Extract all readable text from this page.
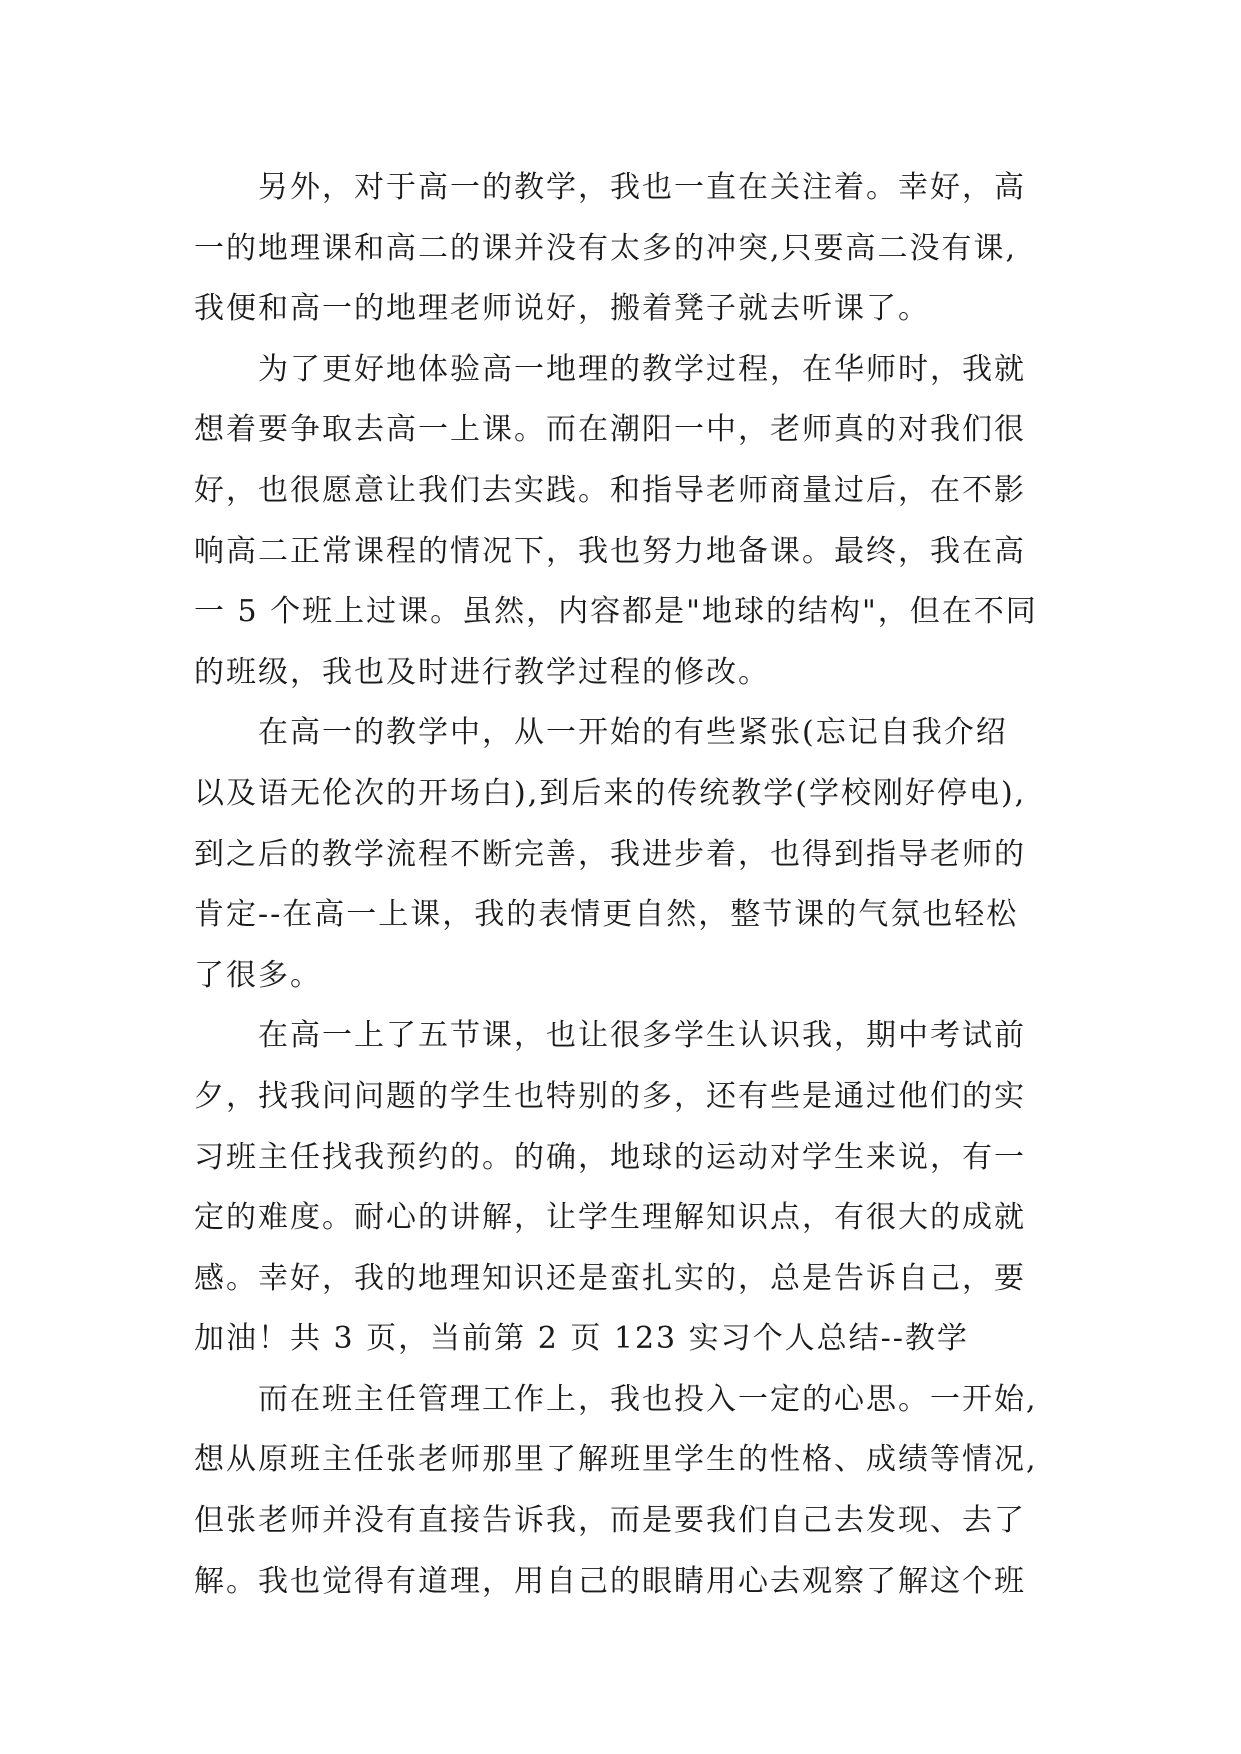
另外，对于高一的教学，我也一直在关注着。幸好，高
一的地理课和高二的课并没有太多的冲突,只要高二没有课,
我便和高一的地理老师说好，搬着凳子就去听课了。
为了更好地体验高一地理的教学过程，在华师时，我就
想着要争取去高一上课。而在潮阳一中，老师真的对我们很
好，也很愿意让我们去实践。和指导老师商量过后，在不影
响高二正常课程的情况下，我也努力地备课。最终，我在高
一 5 个班上过课。虽然，内容都是"地球的结构"，但在不同
的班级，我也及时进行教学过程的修改。
在高一的教学中，从一开始的有些紧张(忘记自我介绍
以及语无伦次的开场白),到后来的传统教学(学校刚好停电),
到之后的教学流程不断完善，我进步着，也得到指导老师的
肯定--在高一上课，我的表情更自然，整节课的气氛也轻松
了很多。
在高一上了五节课，也让很多学生认识我，期中考试前
夕，找我问问题的学生也特别的多，还有些是通过他们的实
习班主任找我预约的。的确，地球的运动对学生来说，有一
定的难度。耐心的讲解，让学生理解知识点，有很大的成就
感。幸好，我的地理知识还是蛮扎实的，总是告诉自己，要
加油！共 3 页，当前第 2 页 123 实习个人总结--教学
而在班主任管理工作上，我也投入一定的心思。一开始,
想从原班主任张老师那里了解班里学生的性格、成绩等情况,
但张老师并没有直接告诉我，而是要我们自己去发现、去了
解。我也觉得有道理，用自己的眼睛用心去观察了解这个班
